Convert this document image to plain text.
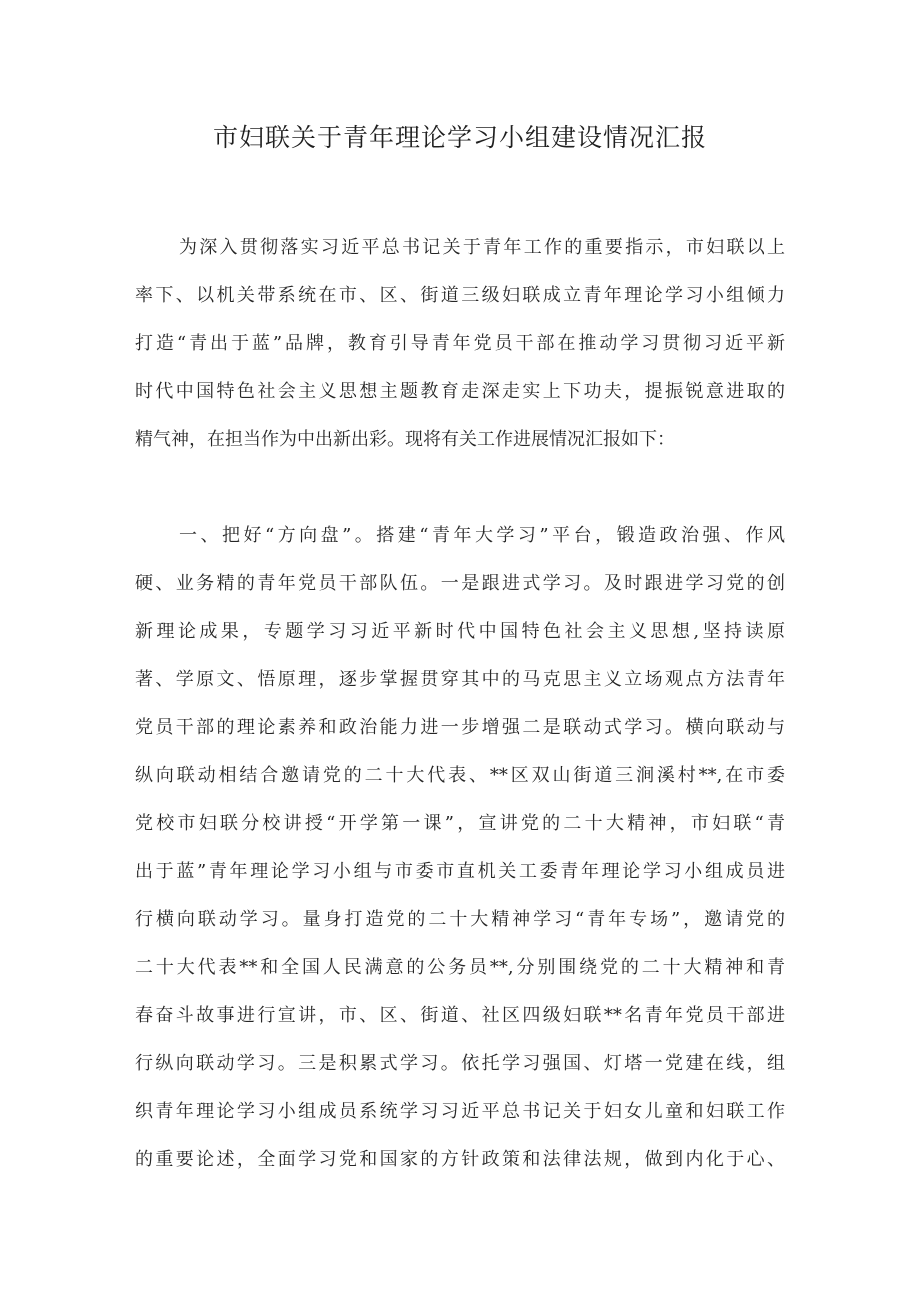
市妇联关于青年理论学习小组建设情况汇报
为深入贯彻落实习近平总书记关于青年工作的重要指示，市妇联以上
率下、以机关带系统在市、区、街道三级妇联成立青年理论学习小组倾力
打造“青出于蓝”品牌，教育引导青年党员干部在推动学习贯彻习近平新
时代中国特色社会主义思想主题教育走深走实上下功夫，提振锐意进取的
精气神，在担当作为中出新出彩。现将有关工作进展情况汇报如下：
一、把好“方向盘”。搭建“青年大学习”平台，锻造政治强、作风
硬、业务精的青年党员干部队伍。一是跟进式学习。及时跟进学习党的创
新理论成果，专题学习习近平新时代中国特色社会主义思想,坚持读原
著、学原文、悟原理，逐步掌握贯穿其中的马克思主义立场观点方法青年
党员干部的理论素养和政治能力进一步增强二是联动式学习。横向联动与
纵向联动相结合邀请党的二十大代表、**区双山街道三涧溪村**,在市委
党校市妇联分校讲授“开学第一课”，宣讲党的二十大精神，市妇联“青
出于蓝”青年理论学习小组与市委市直机关工委青年理论学习小组成员进
行横向联动学习。量身打造党的二十大精神学习“青年专场”，邀请党的
二十大代表**和全国人民满意的公务员**,分别围绕党的二十大精神和青
春奋斗故事进行宣讲，市、区、街道、社区四级妇联**名青年党员干部进
行纵向联动学习。三是积累式学习。依托学习强国、灯塔一党建在线，组
织青年理论学习小组成员系统学习习近平总书记关于妇女儿童和妇联工作
的重要论述，全面学习党和国家的方针政策和法律法规，做到内化于心、
